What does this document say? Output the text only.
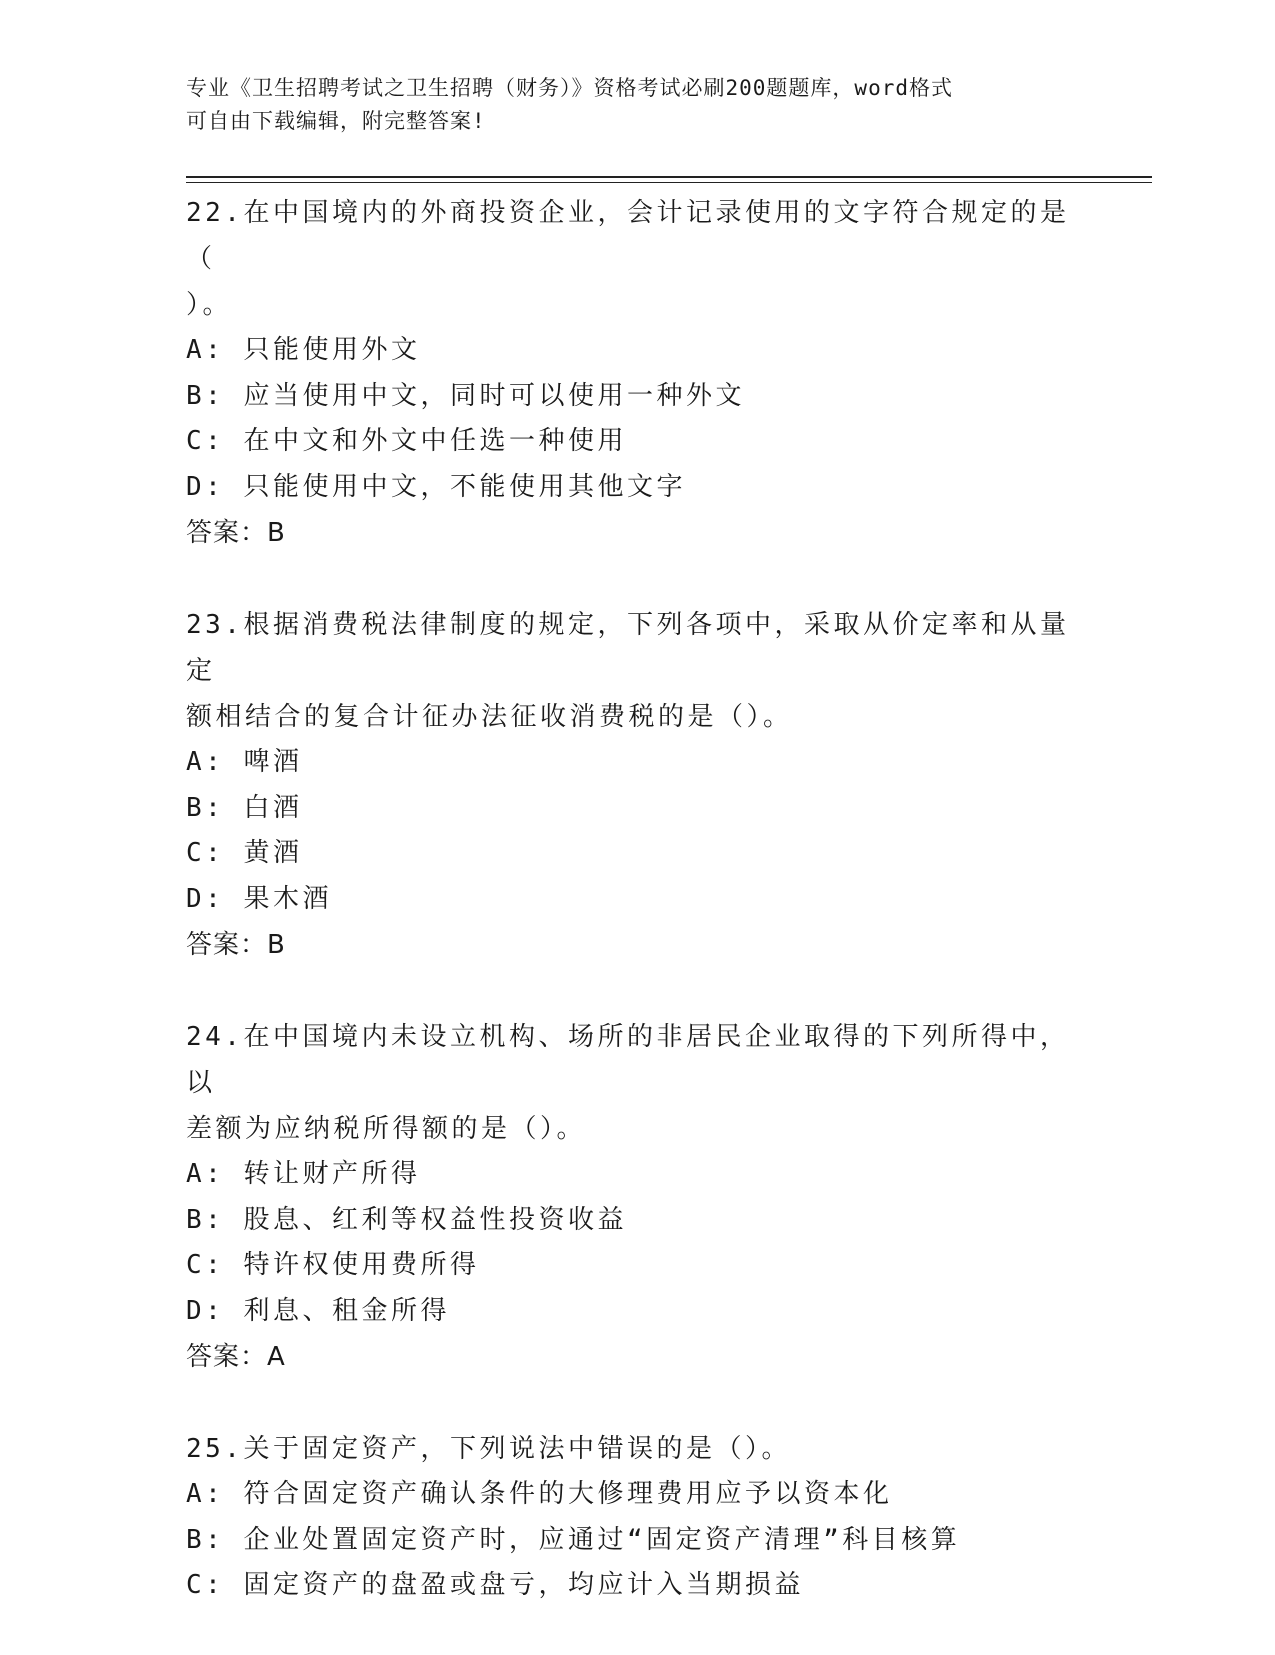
专业《卫生招聘考试之卫生招聘（财务）》资格考试必刷200题题库，word格式
可自由下载编辑，附完整答案!

22.在中国境内的外商投资企业，会计记录使用的文字符合规定的是（

）。

A: 只能使用外文

B: 应当使用中文，同时可以使用一种外文

C: 在中文和外文中任选一种使用

D: 只能使用中文，不能使用其他文字

答案：B

23.根据消费税法律制度的规定，下列各项中，采取从价定率和从量定

额相结合的复合计征办法征收消费税的是（）。

A: 啤酒

B: 白酒

C: 黄酒

D: 果木酒

答案：B

24.在中国境内未设立机构、场所的非居民企业取得的下列所得中，以

差额为应纳税所得额的是（）。

A: 转让财产所得

B: 股息、红利等权益性投资收益

C: 特许权使用费所得

D: 利息、租金所得

答案：A

25.关于固定资产，下列说法中错误的是（）。

A: 符合固定资产确认条件的大修理费用应予以资本化

B: 企业处置固定资产时，应通过“固定资产清理”科目核算

C: 固定资产的盘盈或盘亏，均应计入当期损益
